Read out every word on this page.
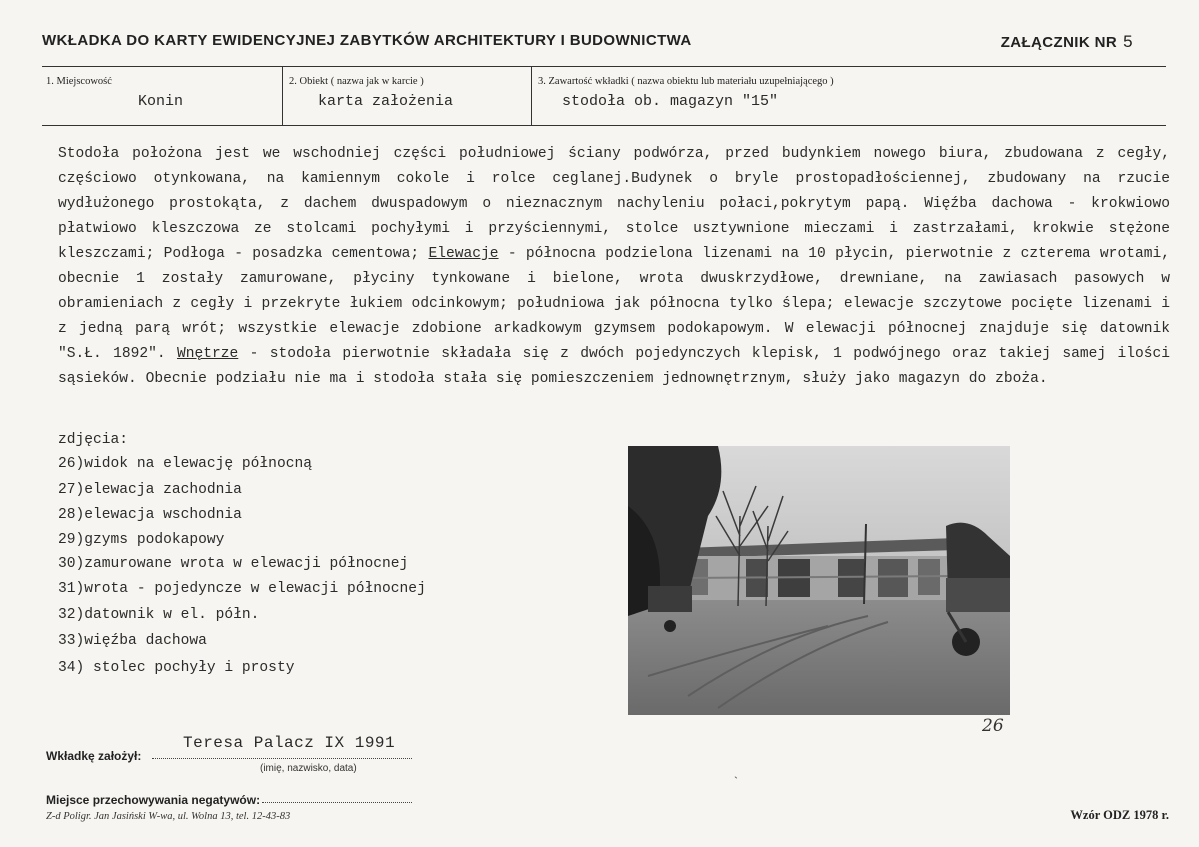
WKŁADKA DO KARTY EWIDENCYJNEJ ZABYTKÓW ARCHITEKTURY I BUDOWNICTWA	ZAŁĄCZNIK NR 5
1. Miejscowość
Konin
2. Obiekt ( nazwa jak w karcie )
karta założenia
3. Zawartość wkładki ( nazwa obiektu lub materiału uzupełniającego )
stodoła ob. magazyn "15"
Stodoła położona jest we wschodniej części południowej ściany podwórza, przed budynkiem nowego biura, zbudowana z cegły, częściowo otynkowana, na kamiennym cokole i rolce ceglanej.Budynek o bryle prostopadłościennej, zbudowany na rzucie wydłużonego prostokąta, z dachem dwuspadowym o nieznacznym nachyleniu połaci,pokrytym papą. Więźba dachowa - krokwiowo płatwiowo kleszczowa ze stolcami pochyłymi i przyściennymi, stolce usztywnione mieczami i zastrzałami, krokwie stężone kleszczami; Podłoga - posadzka cementowa; Elewacje - północna podzielona lizenami na 10 płycin, pierwotnie z czterema wrotami, obecnie 1 zostały zamurowane, płyciny tynkowane i bielone, wrota dwuskrzydłowe, drewniane, na zawiasach pasowych w obramieniach z cegły i przekryte łukiem odcinkowym; południowa jak północna tylko ślepa; elewacje szczytowe pocięte lizenami i z jedną parą wrót; wszystkie elewacje zdobione arkadkowym gzymsem podokapowym. W elewacji północnej znajduje się datownik "S.Ł. 1892". Wnętrze - stodoła pierwotnie składała się z dwóch pojedynczych klepisk, 1 podwójnego oraz takiej samej ilości sąsieków. Obecnie podziału nie ma i stodoła stała się pomieszczeniem jednownętrznym, służy jako magazyn do zboża.
zdjęcia:
26)widok na elewację północną
27)elewacja zachodnia
28)elewacja wschodnia
29)gzyms podokapowy
30)zamurowane wrota w elewacji północnej
31)wrota - pojedyncze w elewacji północnej
32)datownik w el. półn.
33)więźba dachowa
34) stolec pochyły i prosty
26
Wkładkę założył:
Teresa Palacz IX 1991
(imię, nazwisko, data)
`
Miejsce przechowywania negatywów:
Z-d Poligr. Jan Jasiński W-wa, ul. Wolna 13, tel. 12-43-83	Wzór ODZ 1978 r.
